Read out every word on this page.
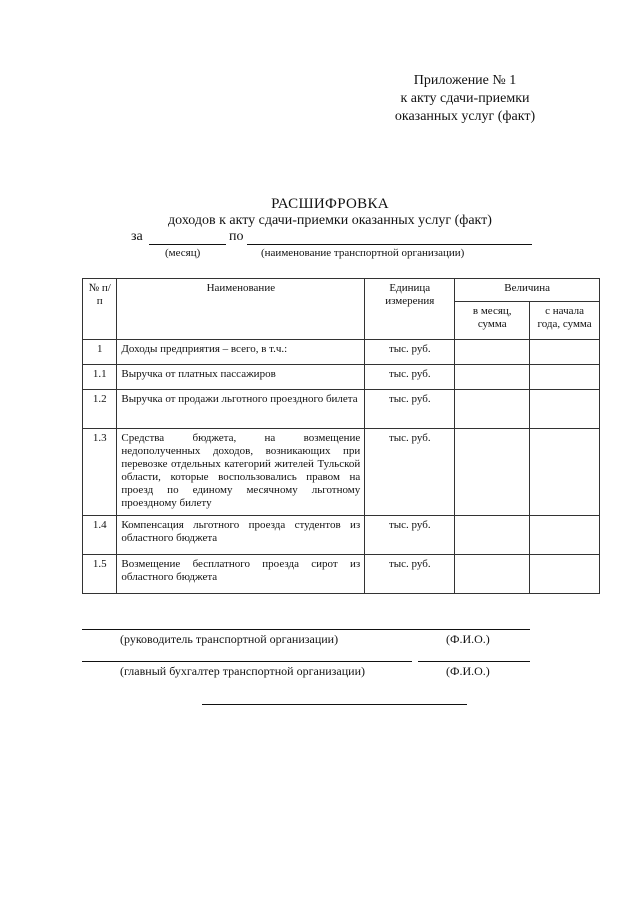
Приложение № 1
к акту сдачи-приемки
оказанных услуг (факт)
РАСШИФРОВКА
доходов к акту сдачи-приемки оказанных услуг (факт)
за	по
(месяц)	(наименование транспортной организации)
№ п/п	Наименование	Единица измерения	Величина	
			в месяц, сумма	с начала года, сумма
1	Доходы предприятия – всего, в т.ч.:	тыс. руб.		
1.1	Выручка от платных пассажиров	тыс. руб.		
1.2	Выручка от продажи льготного проездного билета	тыс. руб.		
1.3	Средства бюджета, на возмещение недополученных доходов, возникающих при перевозке отдельных категорий жителей Тульской области, которые воспользовались правом на проезд по единому месячному льготному проездному билету	тыс. руб.		
1.4	Компенсация льготного проезда студентов из областного бюджета	тыс. руб.		
1.5	Возмещение бесплатного проезда сирот из областного бюджета	тыс. руб.		
(руководитель транспортной организации)	(Ф.И.О.)
(главный бухгалтер транспортной организации)	(Ф.И.О.)
